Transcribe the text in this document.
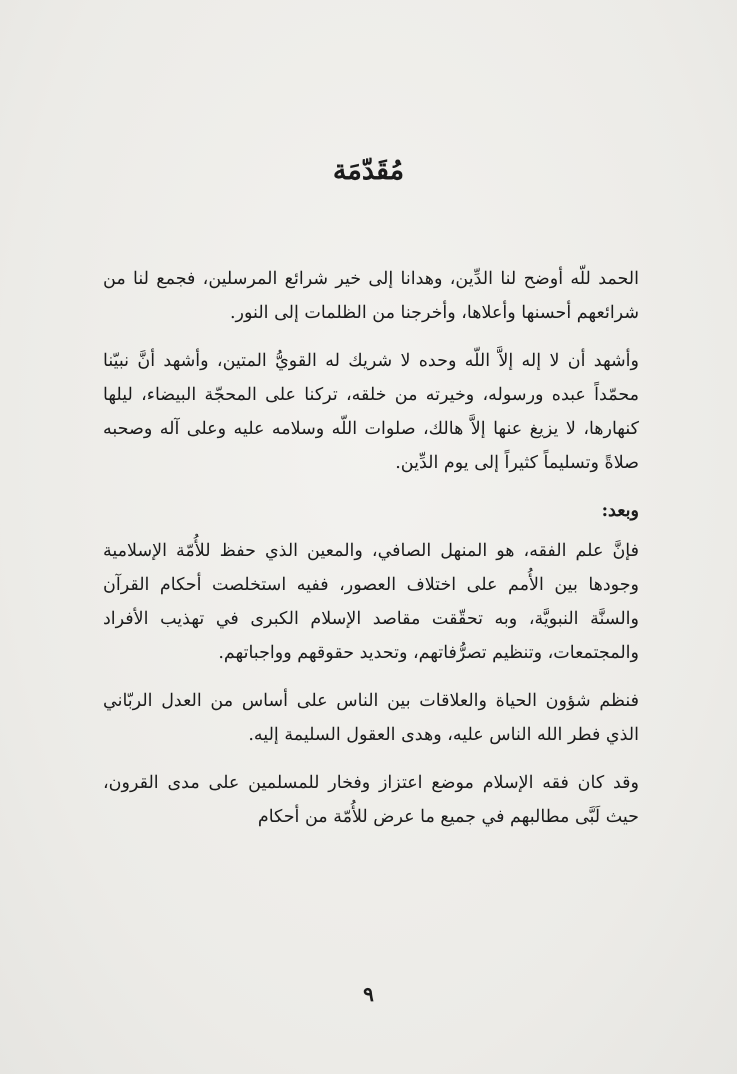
مُقَدّمَة

الحمد للّه أوضح لنا الدِّين، وهدانا إلى خير شرائع المرسلين، فجمع لنا من شرائعهم أحسنها وأعلاها، وأخرجنا من الظلمات إلى النور.

وأشهد أن لا إله إلاَّ اللّه وحده لا شريك له القويُّ المتين، وأشهد أنَّ نبيّنا محمّداً عبده ورسوله، وخيرته من خلقه، تركنا على المحجّة البيضاء، ليلها كنهارها، لا يزيغ عنها إلاَّ هالك، صلوات اللّه وسلامه عليه وعلى آله وصحبه صلاةً وتسليماً كثيراً إلى يوم الدِّين.

وبعد:

فإنَّ علم الفقه، هو المنهل الصافي، والمعين الذي حفظ للأُمّة الإسلامية وجودها بين الأُمم على اختلاف العصور، ففيه استخلصت أحكام القرآن والسنَّة النبويَّة، وبه تحقّقت مقاصد الإسلام الكبرى في تهذيب الأفراد والمجتمعات، وتنظيم تصرُّفاتهم، وتحديد حقوقهم وواجباتهم.

فنظم شؤون الحياة والعلاقات بين الناس على أساس من العدل الربّاني الذي فطر الله الناس عليه، وهدى العقول السليمة إليه.

وقد كان فقه الإسلام موضع اعتزاز وفخار للمسلمين على مدى القرون، حيث لَبَّى مطالبهم في جميع ما عرض للأُمّة من أحكام

٩
